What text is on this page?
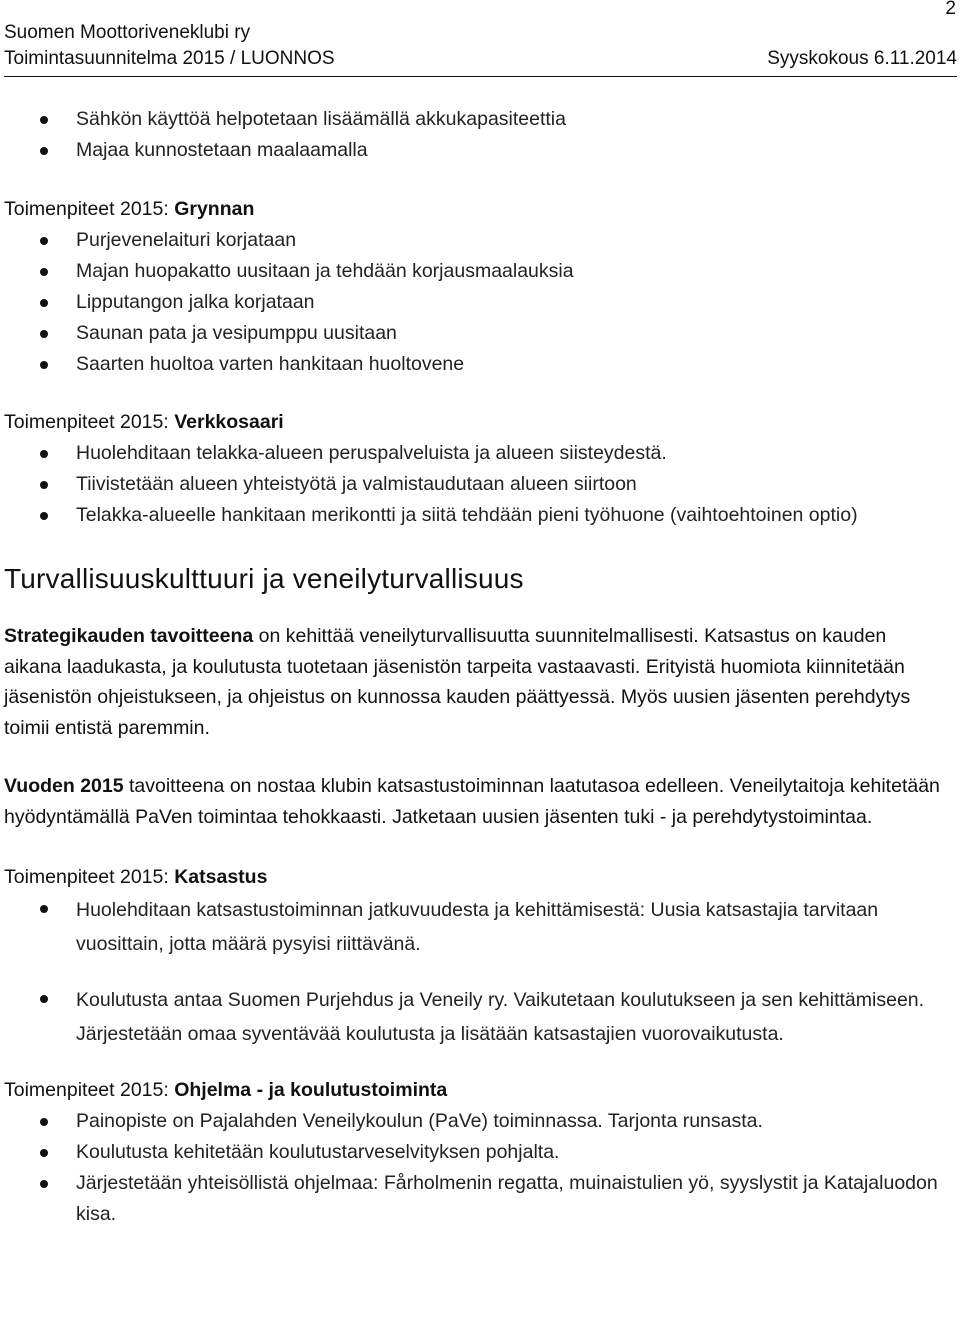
2
Suomen Moottoriveneklubi ry
Toimintasuunnitelma 2015 / LUONNOS	Syyskokous 6.11.2014
Sähkön käyttöä helpotetaan lisäämällä akkukapasiteettia
Majaa kunnostetaan maalaamalla
Toimenpiteet 2015: Grynnan
Purjevenelaituri korjataan
Majan huopakatto uusitaan ja tehdään korjausmaalauksia
Lipputangon jalka korjataan
Saunan pata ja vesipumppu uusitaan
Saarten huoltoa varten hankitaan huoltovene
Toimenpiteet 2015: Verkkosaari
Huolehditaan telakka-alueen peruspalveluista ja alueen siisteydestä.
Tiivistetään alueen yhteistyötä ja valmistaudutaan alueen siirtoon
Telakka-alueelle hankitaan merikontti ja siitä tehdään pieni työhuone (vaihtoehtoinen optio)
Turvallisuuskulttuuri ja veneilyturvallisuus

Strategikauden tavoitteena on kehittää veneilyturvallisuutta suunnitelmallisesti. Katsastus on kauden aikana laadukasta, ja koulutusta tuotetaan jäsenistön tarpeita vastaavasti. Erityistä huomiota kiinnitetään jäsenistön ohjeistukseen, ja ohjeistus on kunnossa kauden päättyessä. Myös uusien jäsenten perehdytys toimii entistä paremmin.

Vuoden 2015 tavoitteena on nostaa klubin katsastustoiminnan laatutasoa edelleen. Veneilytaitoja kehitetään hyödyntämällä PaVen toimintaa tehokkaasti. Jatketaan uusien jäsenten tuki - ja perehdytystoimintaa.

Toimenpiteet 2015: Katsastus
Huolehditaan katsastustoiminnan jatkuvuudesta ja kehittämisestä: Uusia katsastajia tarvitaan vuosittain, jotta määrä pysyisi riittävänä.
Koulutusta antaa Suomen Purjehdus ja Veneily ry. Vaikutetaan koulutukseen ja sen kehittämiseen. Järjestetään omaa syventävää koulutusta ja lisätään katsastajien vuorovaikutusta.
Toimenpiteet 2015: Ohjelma - ja koulutustoiminta
Painopiste on Pajalahden Veneilykoulun (PaVe) toiminnassa. Tarjonta runsasta.
Koulutusta kehitetään koulutustarveselvityksen pohjalta.
Järjestetään yhteisöllistä ohjelmaa: Fårholmenin regatta, muinaistulien yö, syyslystit ja Katajaluodon kisa.
